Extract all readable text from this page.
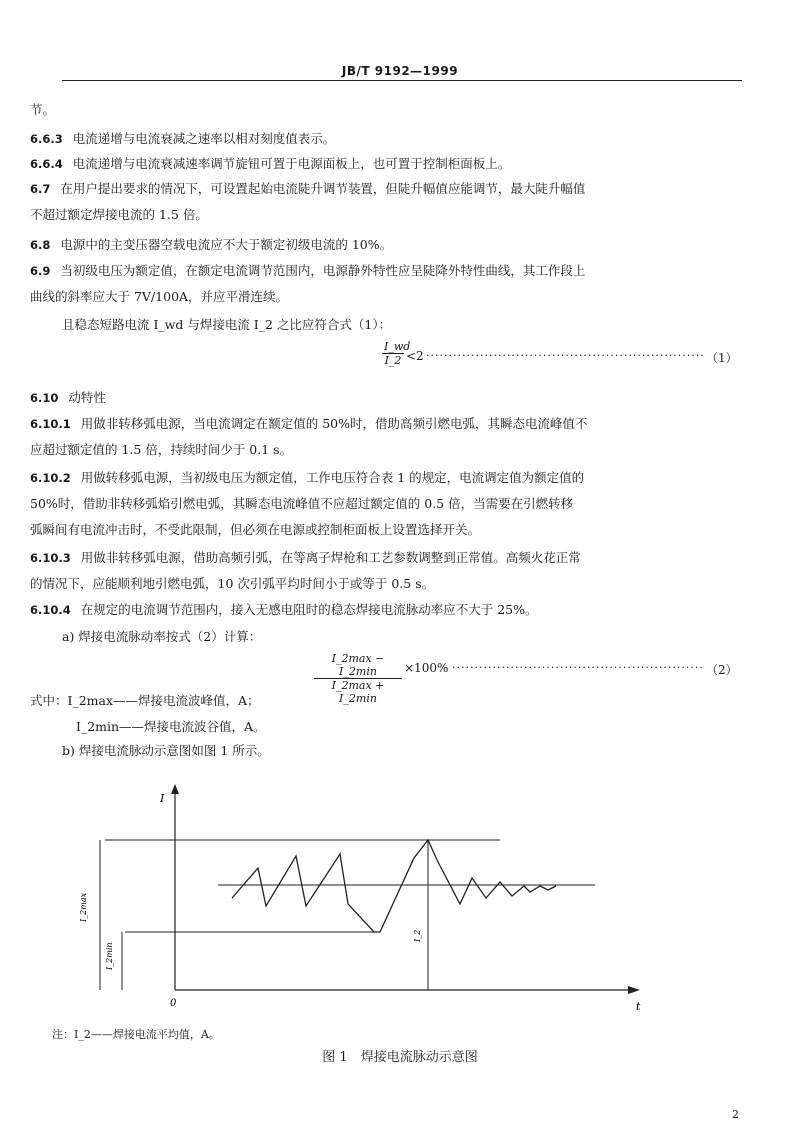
JB/T 9192—1999
节。
6.6.3 电流递增与电流衰减之速率以相对刻度值表示。
6.6.4 电流递增与电流衰减速率调节旋钮可置于电源面板上，也可置于控制柜面板上。
6.7 在用户提出要求的情况下，可设置起始电流陡升调节装置，但陡升幅值应能调节，最大陡升幅值
不超过额定焊接电流的 1.5 倍。
6.8 电源中的主变压器空载电流应不大于额定初级电流的 10%。
6.9 当初级电压为额定值，在额定电流调节范围内，电源静外特性应呈陡降外特性曲线，其工作段上
曲线的斜率应大于 7V/100A，并应平滑连续。
且稳态短路电流 I_wd 与焊接电流 I_2 之比应符合式（1）：
$\frac{I\_wd}{I\_2} <2$ ······························································ （1）
6.10 动特性
6.10.1 用做非转移弧电源，当电流调定在额定值的 50%时，借助高频引燃电弧，其瞬态电流峰值不
应超过额定值的 1.5 倍，持续时间少于 0.1 s。
6.10.2 用做转移弧电源，当初级电压为额定值，工作电压符合表 1 的规定，电流调定值为额定值的
50%时，借助非转移弧焰引燃电弧，其瞬态电流峰值不应超过额定值的 0.5 倍，当需要在引燃转移
弧瞬间有电流冲击时，不受此限制，但必须在电源或控制柜面板上设置选择开关。
6.10.3 用做非转移弧电源，借助高频引弧，在等离子焊枪和工艺参数调整到正常值。高频火花正常
的情况下，应能顺利地引燃电弧，10 次引弧平均时间小于或等于 0.5 s。
6.10.4 在规定的电流调节范围内，接入无感电阻时的稳态焊接电流脉动率应不大于 25%。
a) 焊接电流脉动率按式（2）计算：
I_2max − I_2min
I_2max + I_2min
×100% ························································ （2）
式中：I_2max——焊接电流波峰值，A；
I_2min——焊接电流波谷值，A。
b) 焊接电流脉动示意图如图 1 所示。
I
t
0
I_2max
I_2min
I_2
注：I_2——焊接电流平均值，A。
图 1　焊接电流脉动示意图
2
